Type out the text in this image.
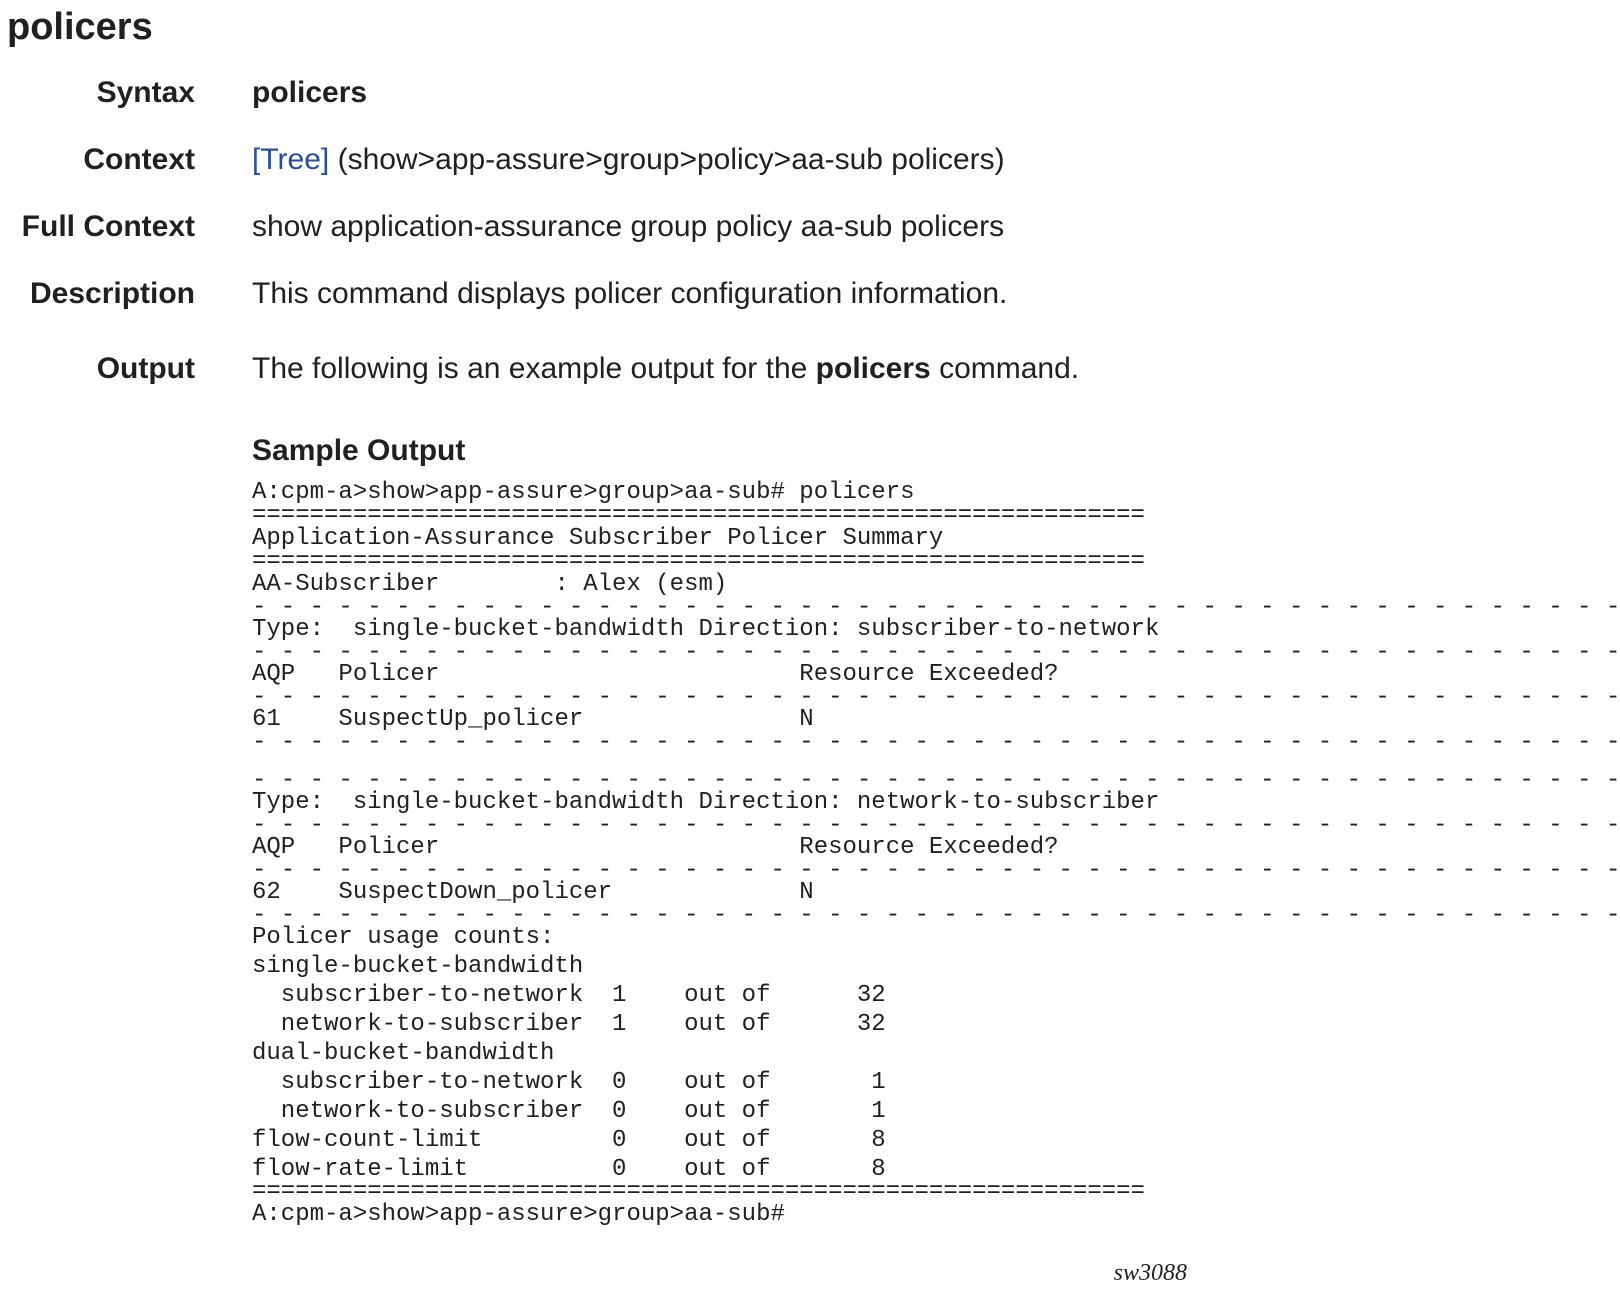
policers
Syntax policers
Context [Tree] (show>app-assure>group>policy>aa-sub policers)
Full Context show application-assurance group policy aa-sub policers
Description This command displays policer configuration information.
Output The following is an example output for the policers command.
Sample Output
A:cpm-a>show>app-assure>group>aa-sub# policers
==============================================================
Application-Assurance Subscriber Policer Summary
==============================================================
AA-Subscriber        : Alex (esm)
- - - - - - - - - - - - - - - - - - - - - - - - - - - - - - - - - - - - - - - - - - - - - - - -
Type:  single-bucket-bandwidth Direction: subscriber-to-network
- - - - - - - - - - - - - - - - - - - - - - - - - - - - - - - - - - - - - - - - - - - - - - - -
AQP   Policer                         Resource Exceeded?
- - - - - - - - - - - - - - - - - - - - - - - - - - - - - - - - - - - - - - - - - - - - - - - -
61    SuspectUp_policer               N
- - - - - - - - - - - - - - - - - - - - - - - - - - - - - - - - - - - - - - - - - - - - - - - -
- - - - - - - - - - - - - - - - - - - - - - - - - - - - - - - - - - - - - - - - - - - - - - - -
Type:  single-bucket-bandwidth Direction: network-to-subscriber
- - - - - - - - - - - - - - - - - - - - - - - - - - - - - - - - - - - - - - - - - - - - - - - -
AQP   Policer                         Resource Exceeded?
- - - - - - - - - - - - - - - - - - - - - - - - - - - - - - - - - - - - - - - - - - - - - - - -
62    SuspectDown_policer             N
- - - - - - - - - - - - - - - - - - - - - - - - - - - - - - - - - - - - - - - - - - - - - - - -
Policer usage counts:
single-bucket-bandwidth
subscriber-to-network  1    out of      32
network-to-subscriber  1    out of      32
dual-bucket-bandwidth
subscriber-to-network  0    out of       1
network-to-subscriber  0    out of       1
flow-count-limit         0    out of       8
flow-rate-limit          0    out of       8
==============================================================
A:cpm-a>show>app-assure>group>aa-sub#
sw3088
